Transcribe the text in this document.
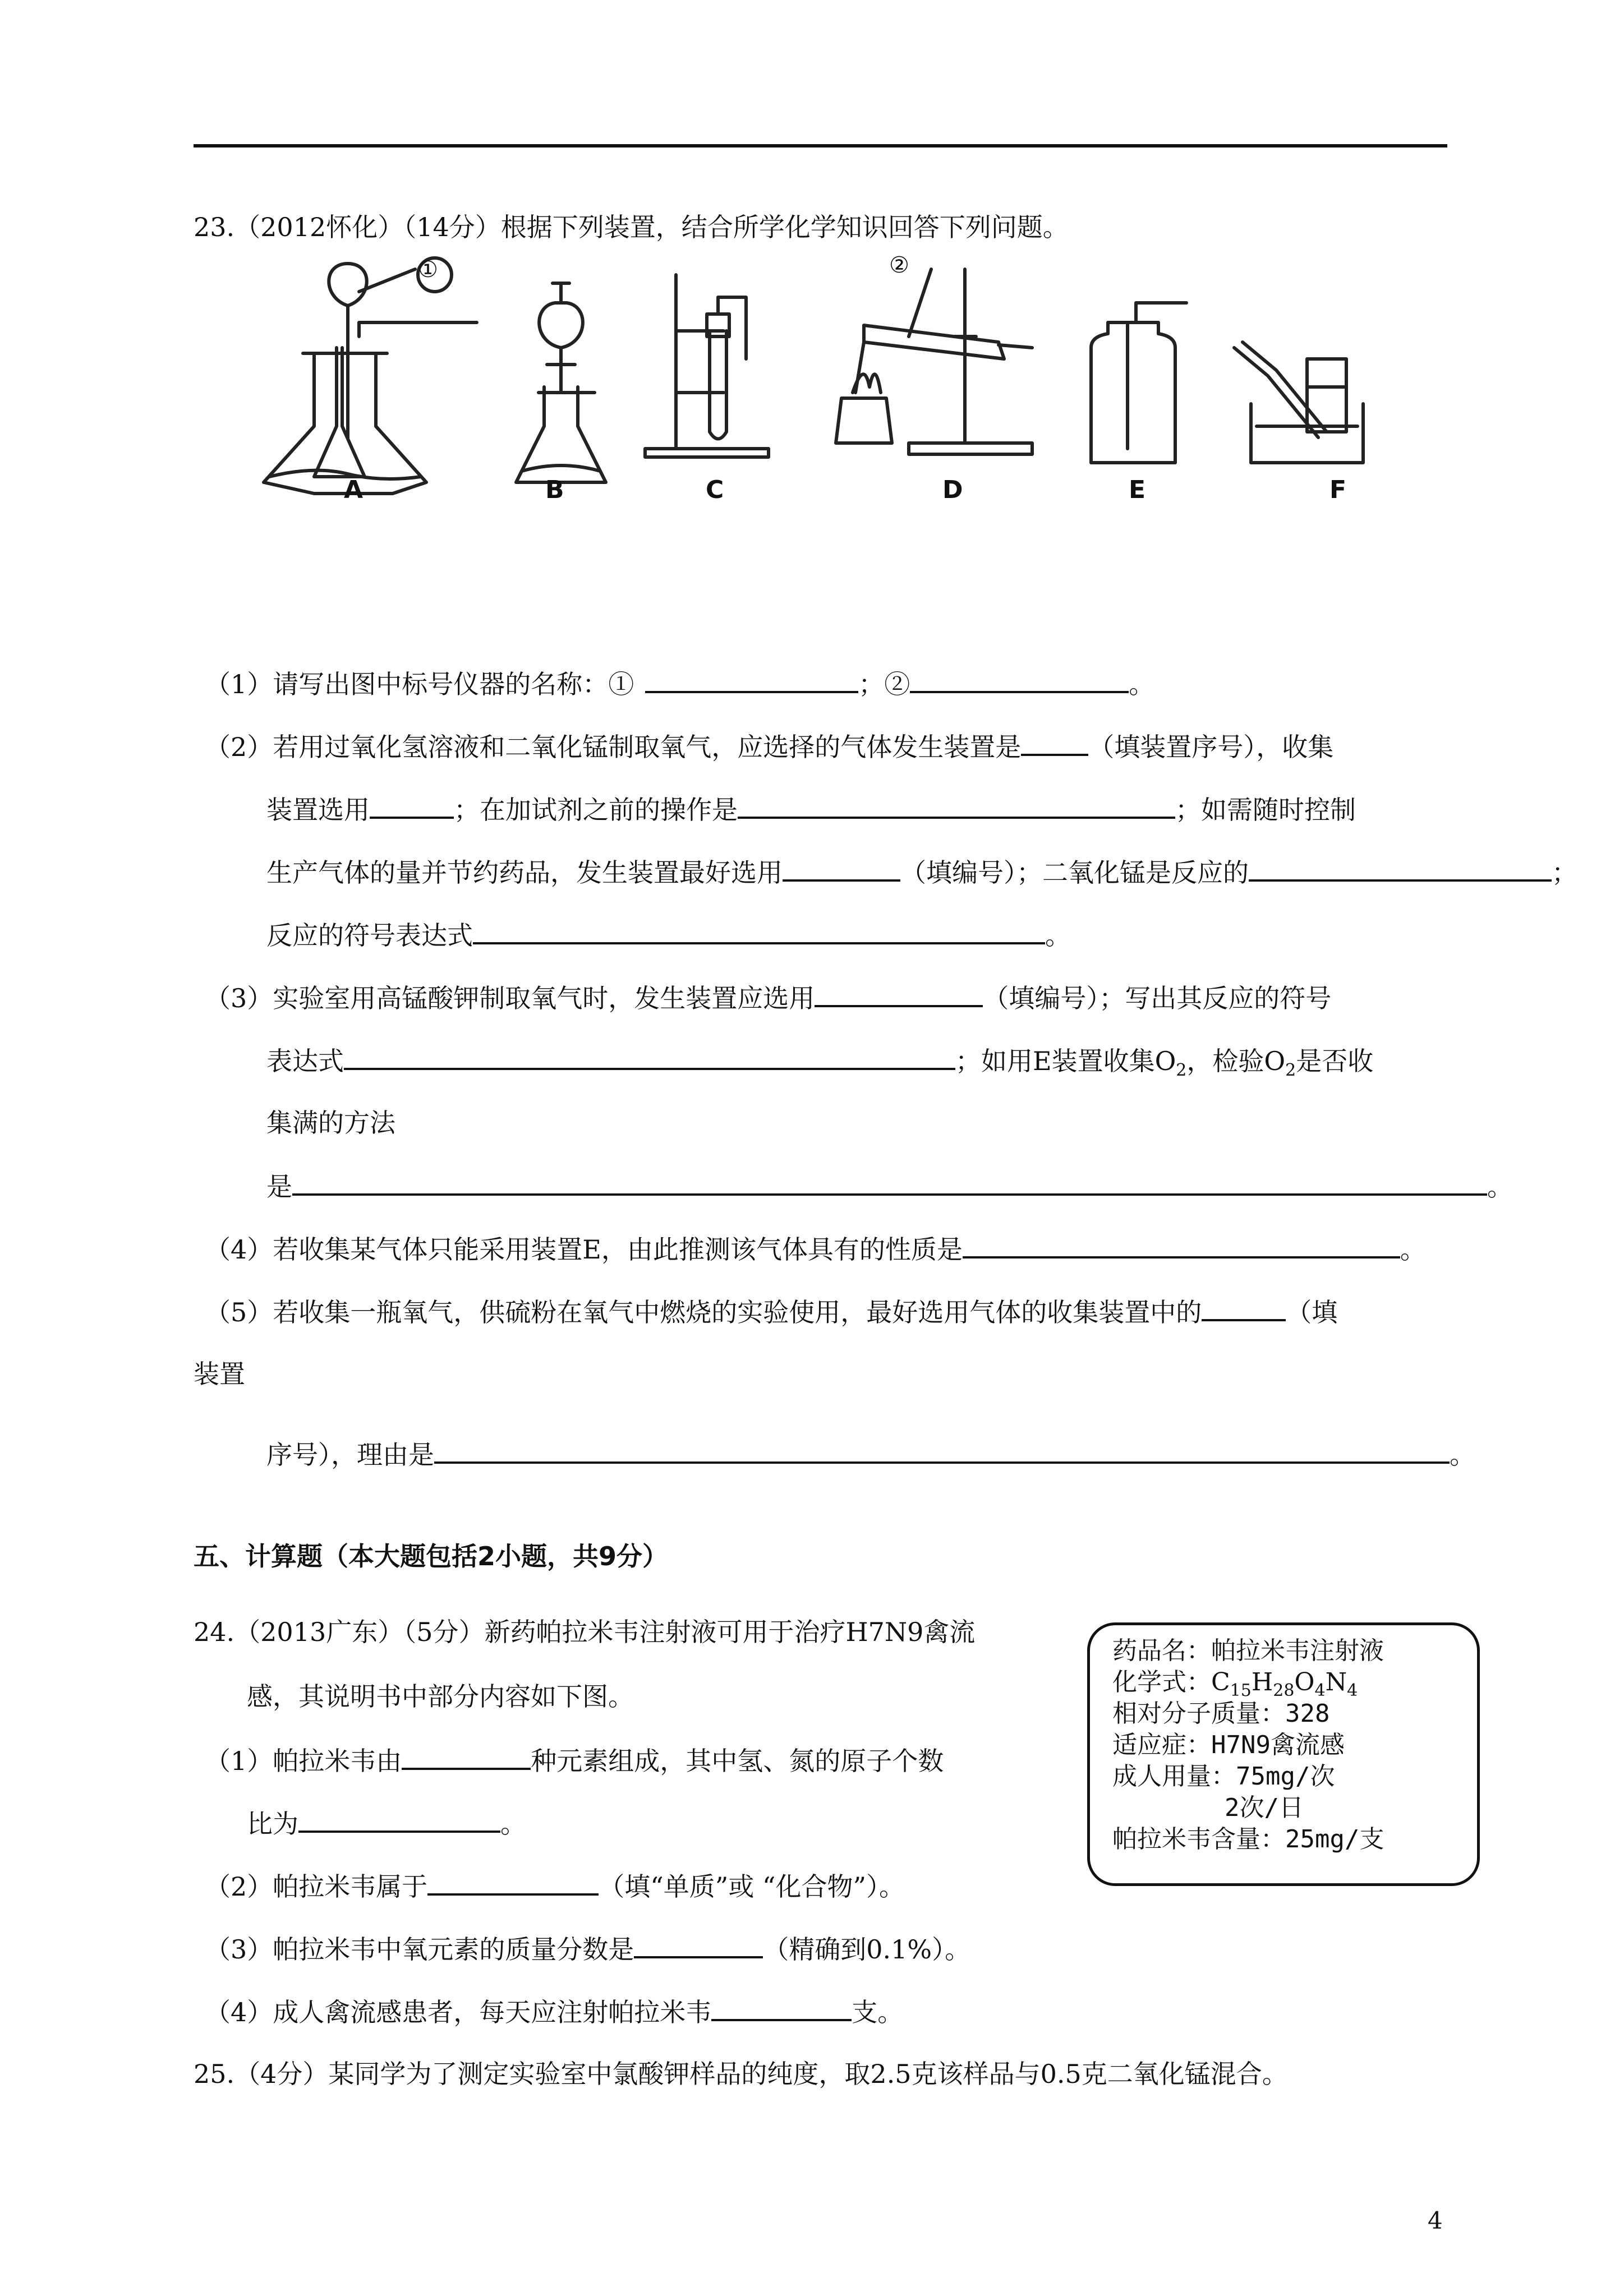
23.（2012怀化）（14分）根据下列装置，结合所学化学知识回答下列问题。
①	②
A	B	C	D	E	F
（1）请写出图中标号仪器的名称：①	；②	。
（2）若用过氧化氢溶液和二氧化锰制取氧气，应选择的气体发生装置是	（填装置序号），收集
装置选用	；在加试剂之前的操作是	；如需随时控制
生产气体的量并节约药品，发生装置最好选用	（填编号）；二氧化锰是反应的	；
反应的符号表达式	。
（3）实验室用高锰酸钾制取氧气时，发生装置应选用	（填编号）；写出其反应的符号
表达式	；如用E装置收集$O_2$，检验$O_2$是否收
集满的方法
是	。
（4）若收集某气体只能采用装置E，由此推测该气体具有的性质是	。
（5）若收集一瓶氧气，供硫粉在氧气中燃烧的实验使用，最好选用气体的收集装置中的	（填
装置
序号），理由是	。
五、计算题（本大题包括2小题，共9分）
24.（2013广东）（5分）新药帕拉米韦注射液可用于治疗H7N9禽流
感，其说明书中部分内容如下图。
（1）帕拉米韦由	种元素组成，其中氢、氮的原子个数
比为	。
（2）帕拉米韦属于	（填“单质”或 “化合物”）。
（3）帕拉米韦中氧元素的质量分数是	（精确到0.1%）。
（4）成人禽流感患者，每天应注射帕拉米韦	支。
药品名：帕拉米韦注射液
化学式：$C_{15}H_{28}O_4N_4$
相对分子质量：328
适应症：H7N9禽流感
成人用量：75mg/次
2次/日
帕拉米韦含量：25mg/支
25.（4分）某同学为了测定实验室中氯酸钾样品的纯度，取2.5克该样品与0.5克二氧化锰混合。
4
